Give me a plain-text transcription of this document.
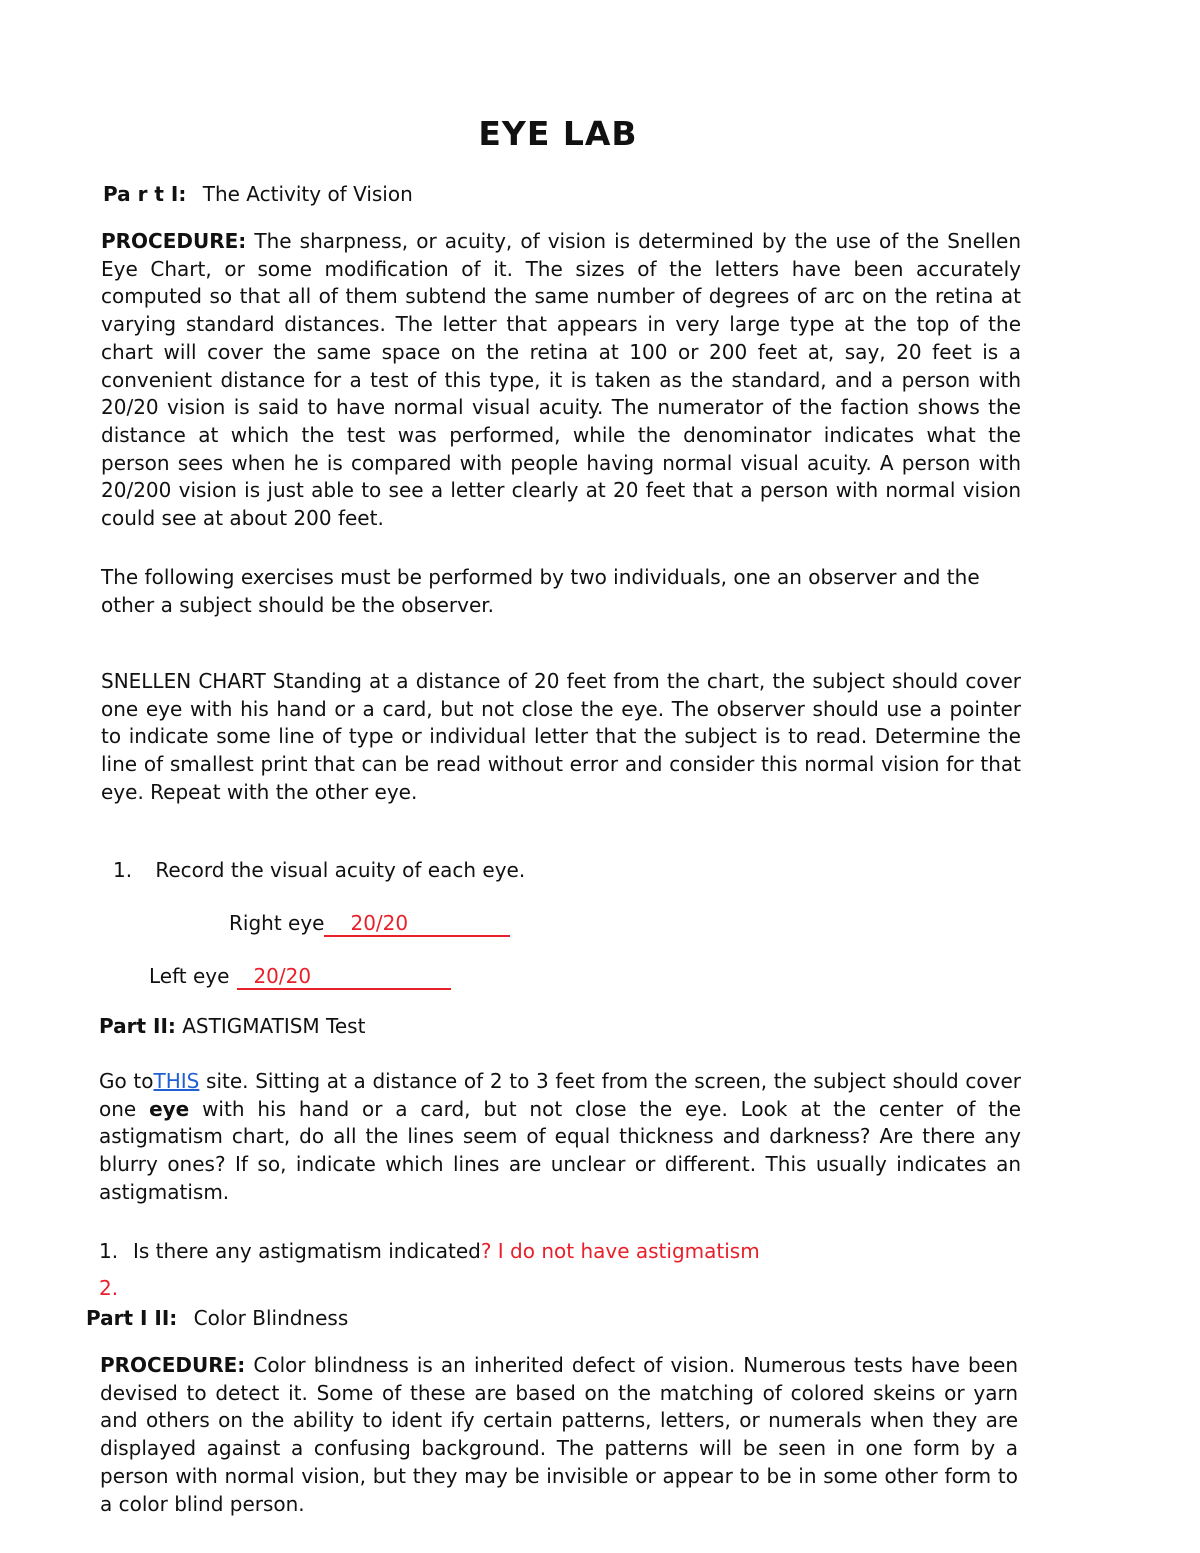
EYE LAB
Pa r t I: The Activity of Vision

PROCEDURE: The sharpness, or acuity, of vision is determined by the use of the Snellen Eye Chart, or some modification of it. The sizes of the letters have been accurately computed so that all of them subtend the same number of degrees of arc on the retina at varying standard distances. The letter that appears in very large type at the top of the chart will cover the same space on the retina at 100 or 200 feet at, say, 20 feet is a convenient distance for a test of this type, it is taken as the standard, and a person with 20/20 vision is said to have normal visual acuity. The numerator of the faction shows the distance at which the test was performed, while the denominator indicates what the person sees when he is compared with people having normal visual acuity. A person with 20/200 vision is just able to see a letter clearly at 20 feet that a person with normal vision could see at about 200 feet.

The following exercises must be performed by two individuals, one an observer and the other a subject should be the observer.

SNELLEN CHART Standing at a distance of 20 feet from the chart, the subject should cover one eye with his hand or a card, but not close the eye. The observer should use a pointer to indicate some line of type or individual letter that the subject is to read. Determine the line of smallest print that can be read without error and consider this normal vision for that eye. Repeat with the other eye.

1. Record the visual acuity of each eye.
Right eye 20/20
Left eye 20/20
Part II: ASTIGMATISM Test

Go toTHIS site. Sitting at a distance of 2 to 3 feet from the screen, the subject should cover one eye with his hand or a card, but not close the eye. Look at the center of the astigmatism chart, do all the lines seem of equal thickness and darkness? Are there any blurry ones? If so, indicate which lines are unclear or different. This usually indicates an astigmatism.

1. Is there any astigmatism indicated? I do not have astigmatism
2.
Part I II: Color Blindness

PROCEDURE: Color blindness is an inherited defect of vision. Numerous tests have been devised to detect it. Some of these are based on the matching of colored skeins or yarn and others on the ability to ident ify certain patterns, letters, or numerals when they are displayed against a confusing background. The patterns will be seen in one form by a person with normal vision, but they may be invisible or appear to be in some other form to a color blind person.
